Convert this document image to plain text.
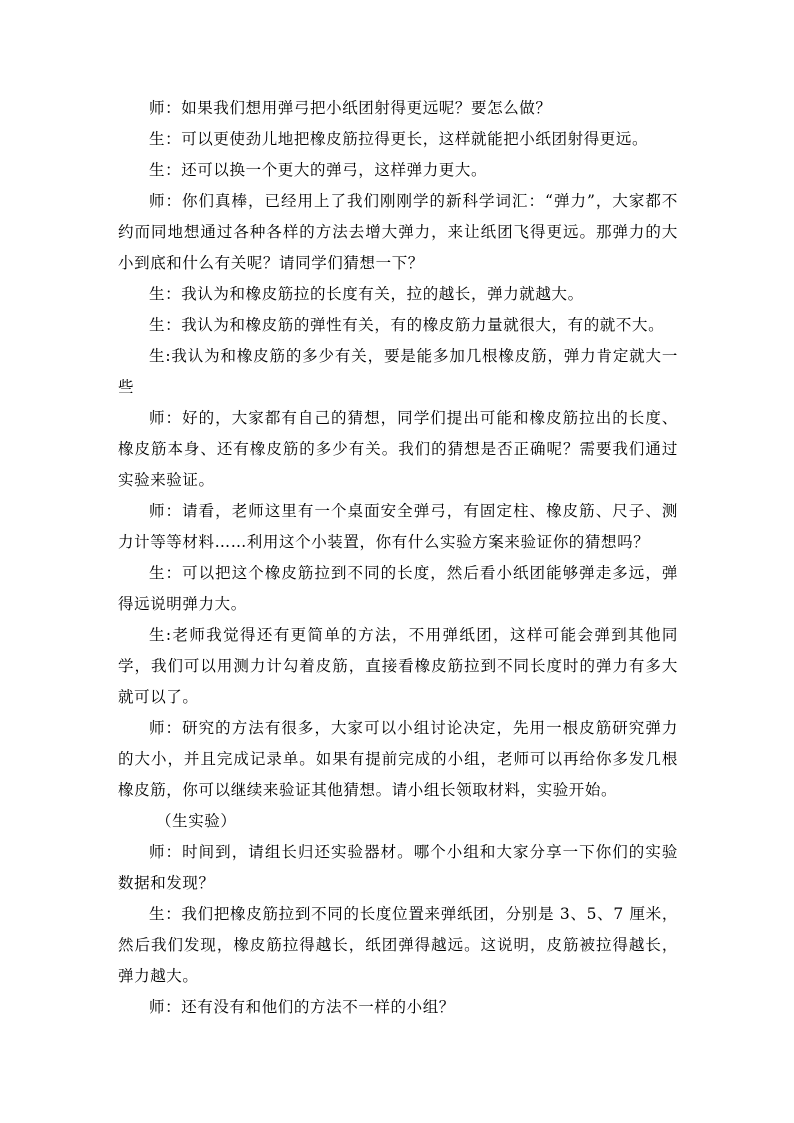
师：如果我们想用弹弓把小纸团射得更远呢？要怎么做？

生：可以更使劲儿地把橡皮筋拉得更长，这样就能把小纸团射得更远。

生：还可以换一个更大的弹弓，这样弹力更大。

师：你们真棒，已经用上了我们刚刚学的新科学词汇：“弹力”，大家都不约而同地想通过各种各样的方法去增大弹力，来让纸团飞得更远。那弹力的大小到底和什么有关呢？请同学们猜想一下？

生：我认为和橡皮筋拉的长度有关，拉的越长，弹力就越大。

生：我认为和橡皮筋的弹性有关，有的橡皮筋力量就很大，有的就不大。

生:我认为和橡皮筋的多少有关，要是能多加几根橡皮筋，弹力肯定就大一些

师：好的，大家都有自己的猜想，同学们提出可能和橡皮筋拉出的长度、橡皮筋本身、还有橡皮筋的多少有关。我们的猜想是否正确呢？需要我们通过实验来验证。

师：请看，老师这里有一个桌面安全弹弓，有固定柱、橡皮筋、尺子、测力计等等材料……利用这个小装置，你有什么实验方案来验证你的猜想吗？

生：可以把这个橡皮筋拉到不同的长度，然后看小纸团能够弹走多远，弹得远说明弹力大。

生:老师我觉得还有更简单的方法，不用弹纸团，这样可能会弹到其他同学，我们可以用测力计勾着皮筋，直接看橡皮筋拉到不同长度时的弹力有多大就可以了。

师：研究的方法有很多，大家可以小组讨论决定，先用一根皮筋研究弹力的大小，并且完成记录单。如果有提前完成的小组，老师可以再给你多发几根橡皮筋，你可以继续来验证其他猜想。请小组长领取材料，实验开始。

（生实验）

师：时间到，请组长归还实验器材。哪个小组和大家分享一下你们的实验数据和发现？

生：我们把橡皮筋拉到不同的长度位置来弹纸团，分别是 3、5、7 厘米，然后我们发现，橡皮筋拉得越长，纸团弹得越远。这说明，皮筋被拉得越长，弹力越大。

师：还有没有和他们的方法不一样的小组？
